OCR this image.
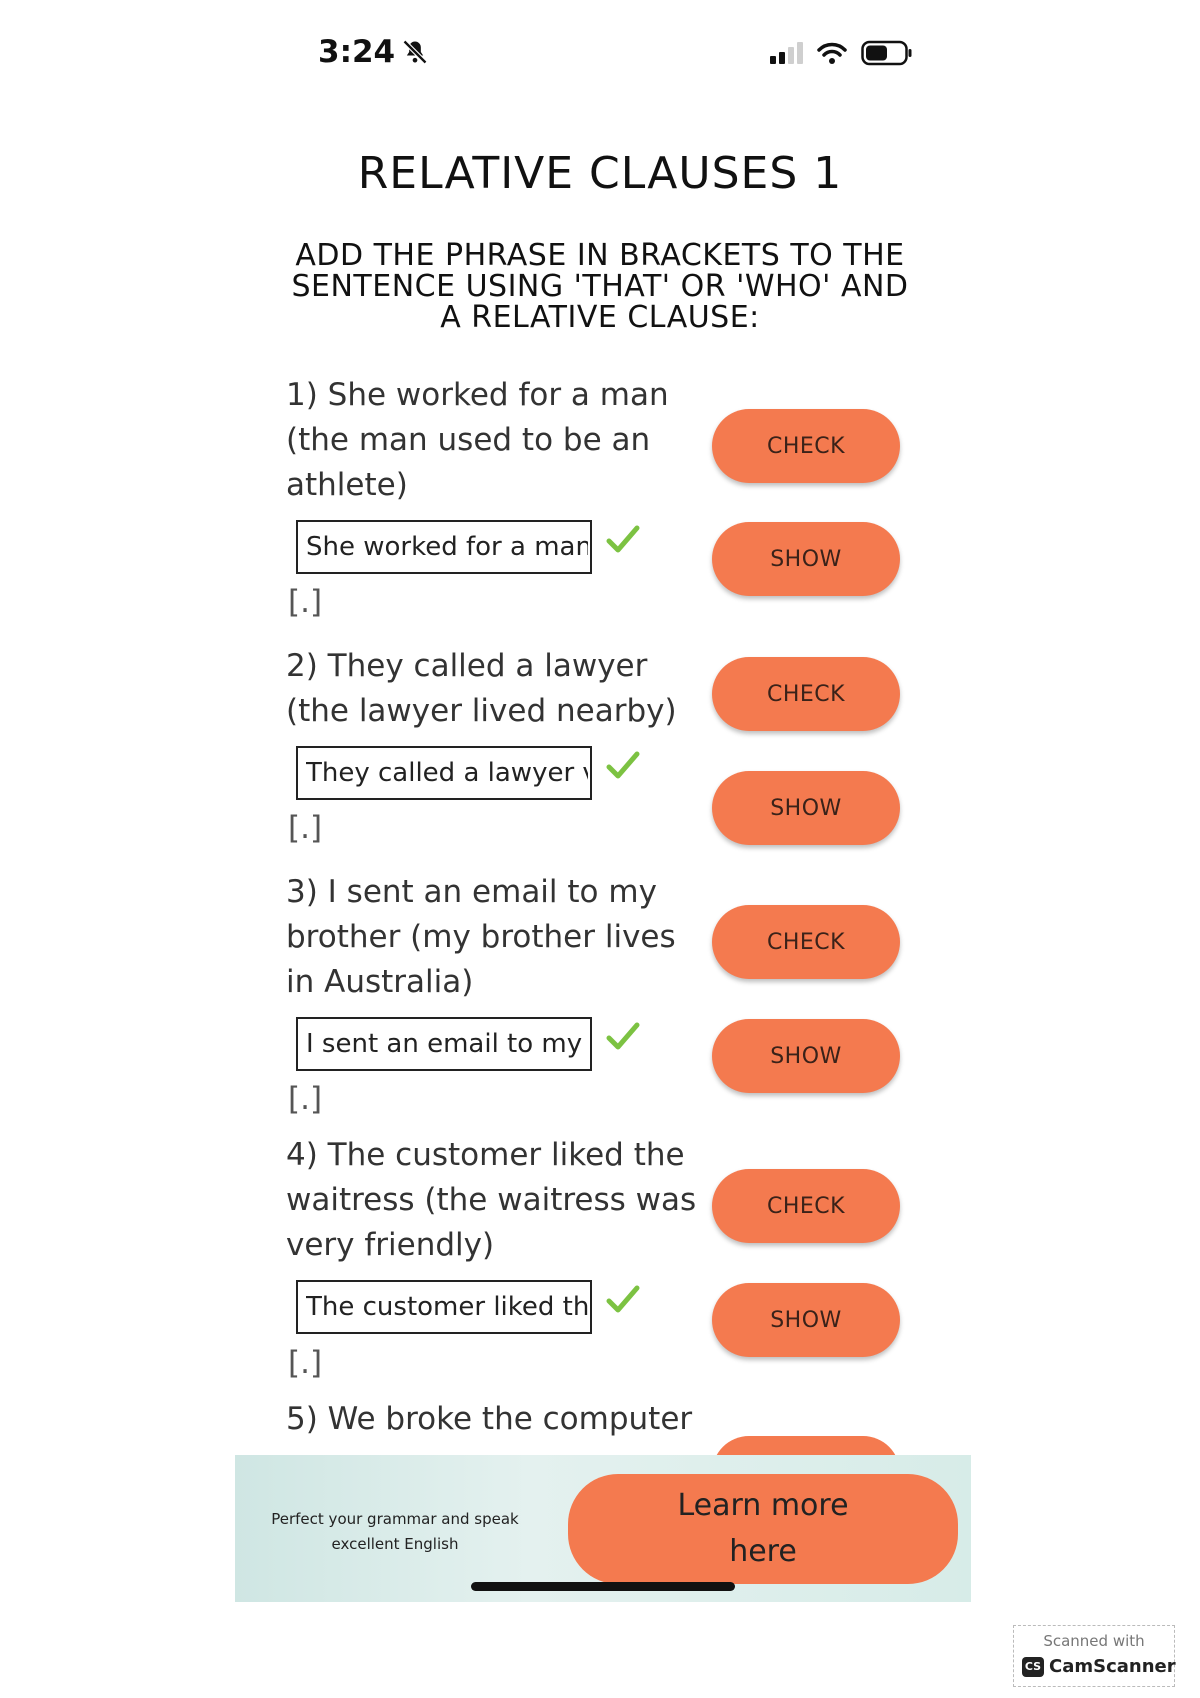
3:24
RELATIVE CLAUSES 1
ADD THE PHRASE IN BRACKETS TO THE SENTENCE USING 'THAT' OR 'WHO' AND A RELATIVE CLAUSE:
1) She worked for a man (the man used to be an athlete)
CHECK
She worked for a man
SHOW
[.]
2) They called a lawyer (the lawyer lived nearby)	CHECK
They called a lawyer v
SHOW
[.]
3) I sent an email to my brother (my brother lives in Australia)
CHECK
I sent an email to my l
SHOW
[.]
4) The customer liked the waitress (the waitress was very friendly)
CHECK
The customer liked the
SHOW
[.]
5) We broke the computer
Perfect your grammar and speak excellent English
Learn more here
Scanned with
CS CamScanner
